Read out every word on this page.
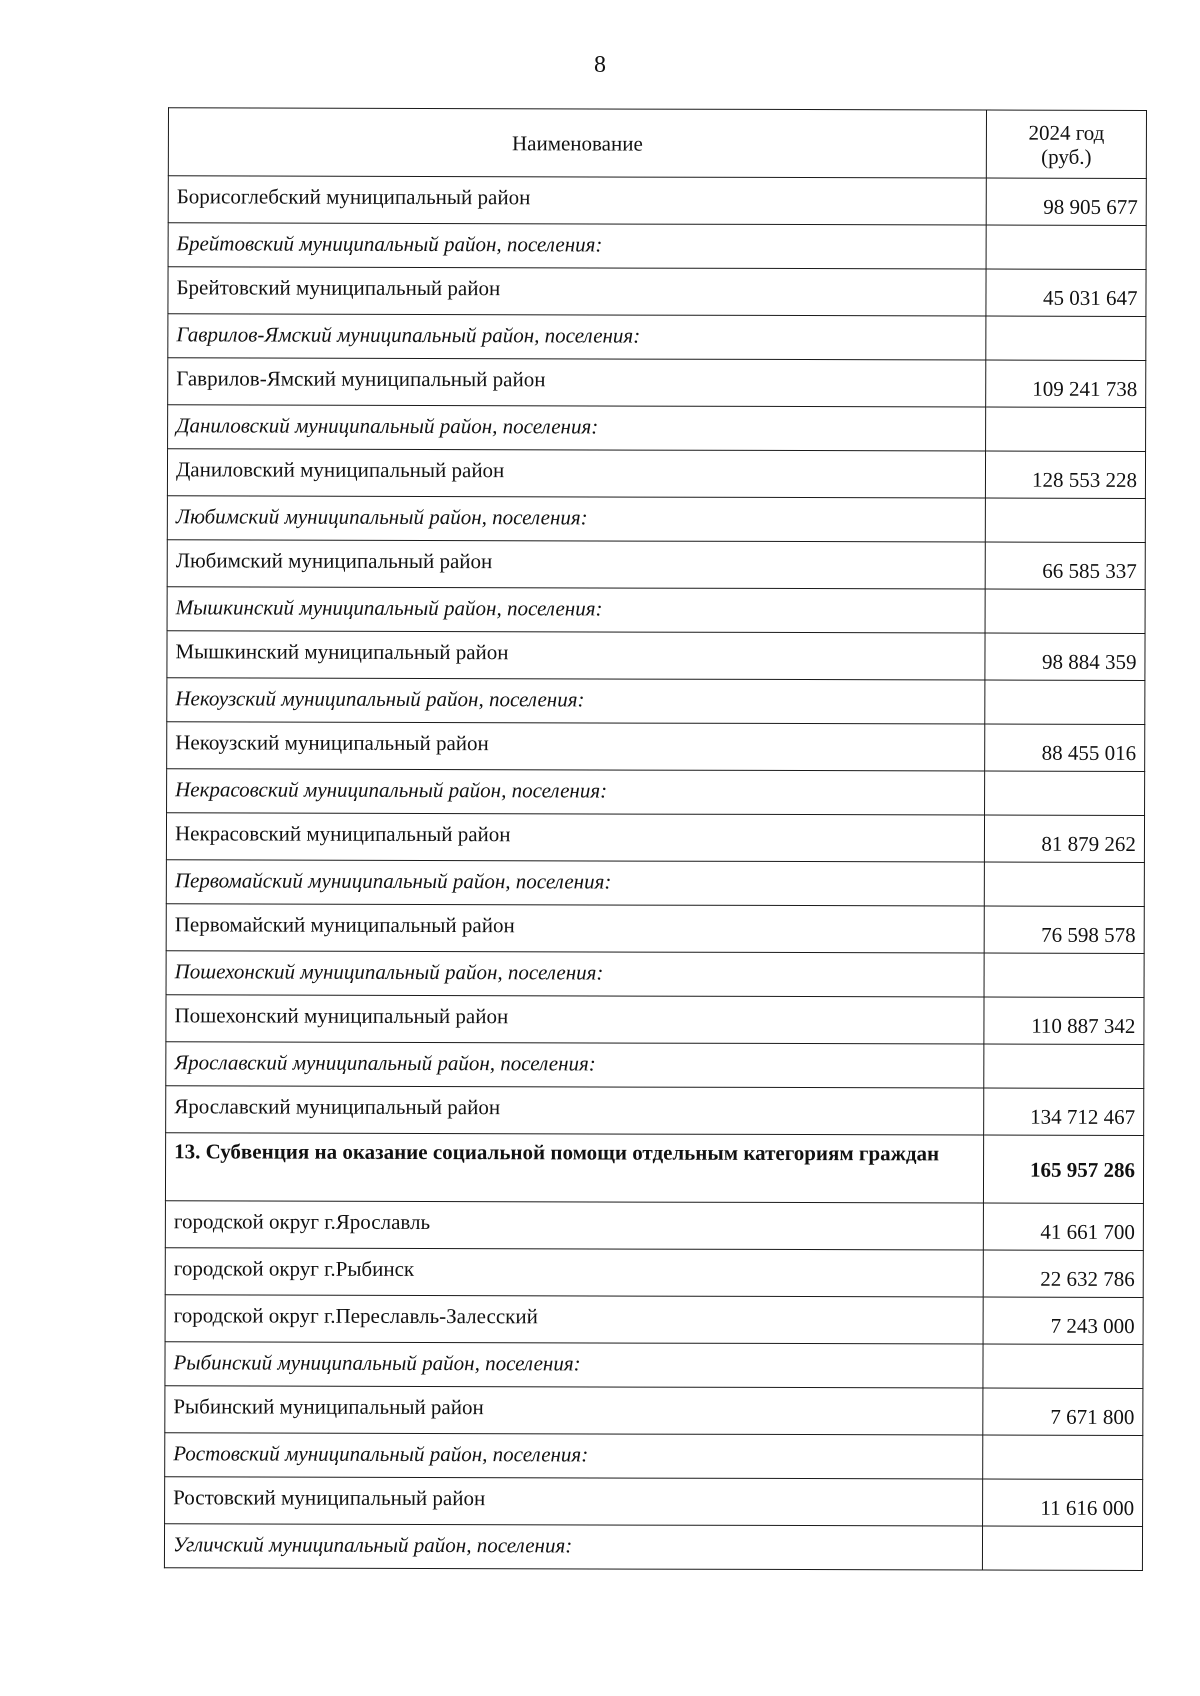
8
Наименование	2024 год
(руб.)

Борисоглебский муниципальный район	98 905 677
Брейтовский муниципальный район, поселения:	
Брейтовский муниципальный район	45 031 647
Гаврилов-Ямский муниципальный район, поселения:	
Гаврилов-Ямский муниципальный район	109 241 738
Даниловский муниципальный район, поселения:	
Даниловский муниципальный район	128 553 228
Любимский муниципальный район, поселения:	
Любимский муниципальный район	66 585 337
Мышкинский муниципальный район, поселения:	
Мышкинский муниципальный район	98 884 359
Некоузский муниципальный район, поселения:	
Некоузский муниципальный район	88 455 016
Некрасовский муниципальный район, поселения:	
Некрасовский муниципальный район	81 879 262
Первомайский муниципальный район, поселения:	
Первомайский муниципальный район	76 598 578
Пошехонский муниципальный район, поселения:	
Пошехонский муниципальный район	110 887 342
Ярославский муниципальный район, поселения:	
Ярославский муниципальный район	134 712 467
13. Субвенция на оказание социальной помощи отдельным категориям граждан	165 957 286
городской округ г.Ярославль	41 661 700
городской округ г.Рыбинск	22 632 786
городской округ г.Переславль-Залесский	7 243 000
Рыбинский муниципальный район, поселения:	
Рыбинский муниципальный район	7 671 800
Ростовский муниципальный район, поселения:	
Ростовский муниципальный район	11 616 000
Угличский муниципальный район, поселения:	
